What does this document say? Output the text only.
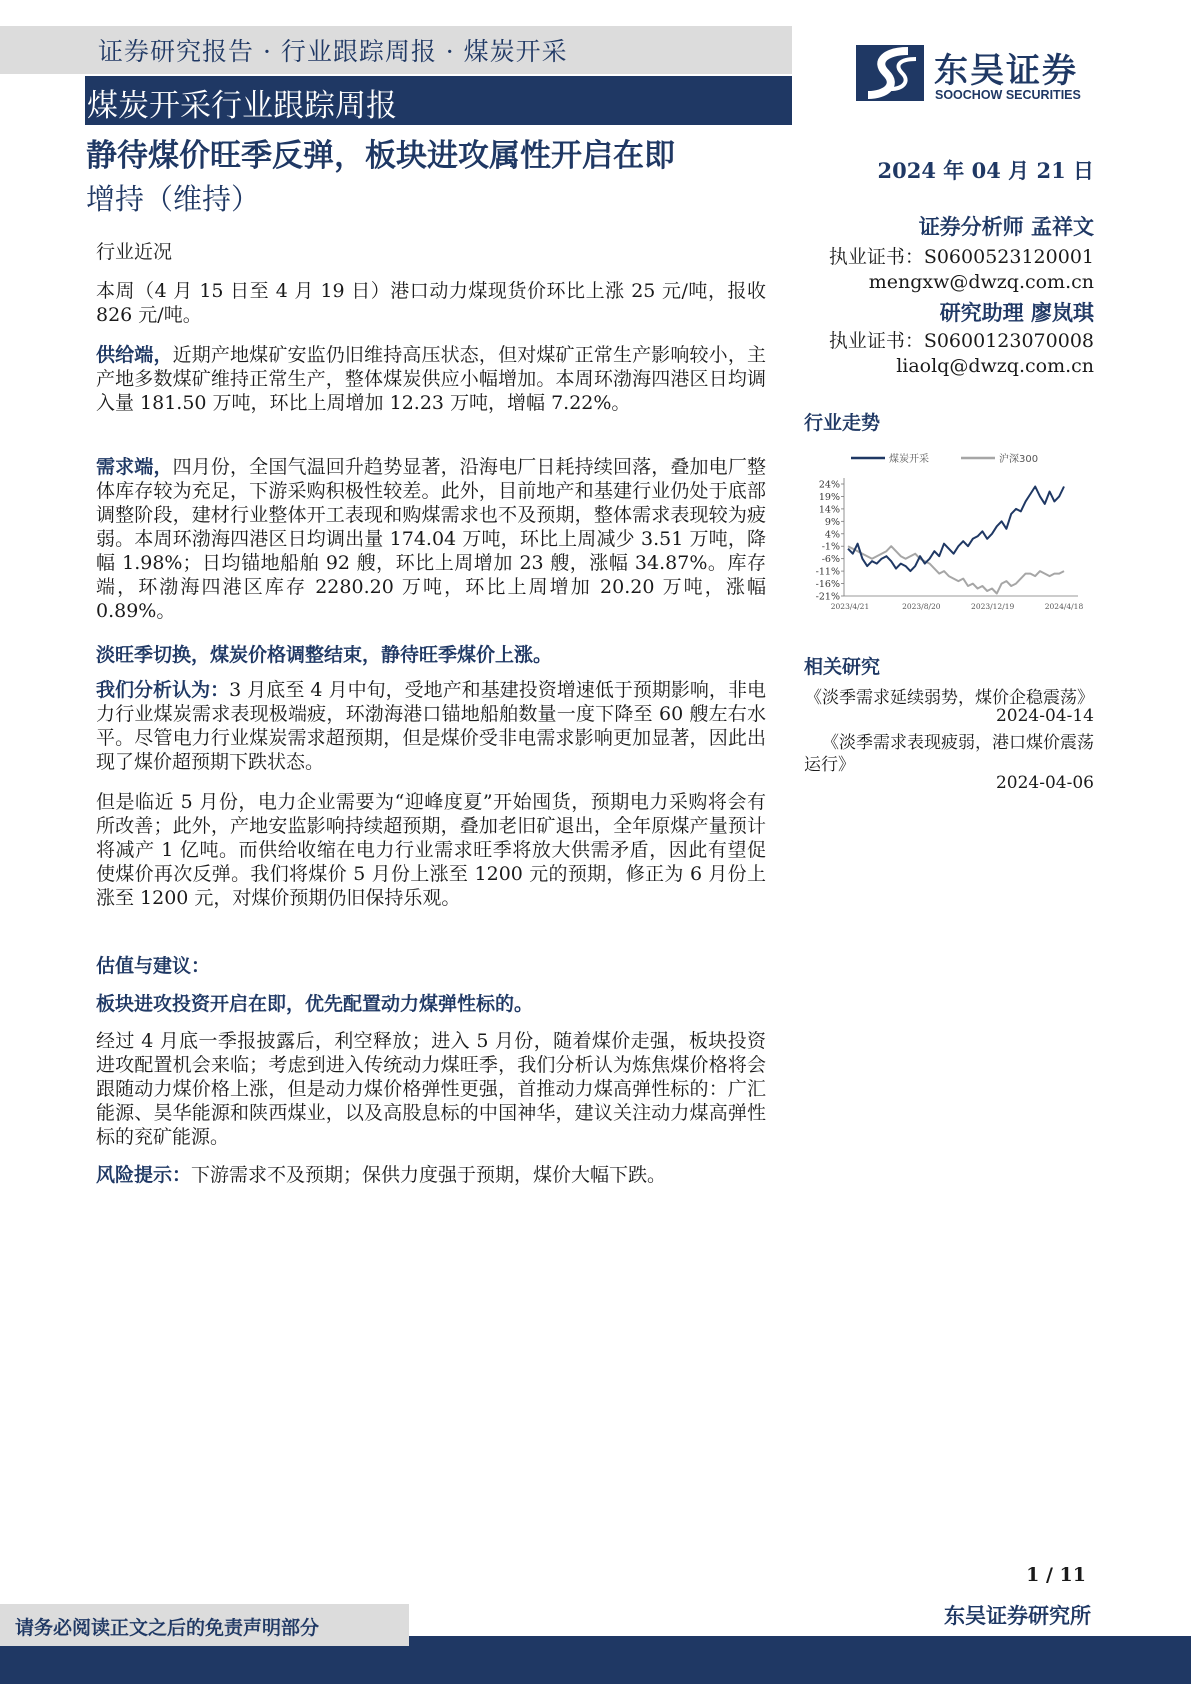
证券研究报告 · 行业跟踪周报 · 煤炭开采
煤炭开采行业跟踪周报
静待煤价旺季反弹，板块进攻属性开启在即
增持（维持）
东吴证券
SOOCHOW SECURITIES
2024 年 04 月 21 日
证券分析师 孟祥文
执业证书：S0600523120001
mengxw@dwzq.com.cn
研究助理 廖岚琪
执业证书：S0600123070008
liaolq@dwzq.com.cn
行业走势
煤炭开采	沪深300
24%
19%
14%
9%
4%
-1%
-6%
-11%
-16%
-21%
2023/4/21	2023/8/20	2023/12/19	2024/4/18
相关研究
《淡季需求延续弱势，煤价企稳震荡》
2024-04-14
《淡季需求表现疲弱，港口煤价震荡
运行》
2024-04-06
行业近况
本周（4 月 15 日至 4 月 19 日）港口动力煤现货价环比上涨 25 元/吨，报收 826 元/吨。
供给端，近期产地煤矿安监仍旧维持高压状态，但对煤矿正常生产影响较小，主产地多数煤矿维持正常生产，整体煤炭供应小幅增加。本周环渤海四港区日均调入量 181.50 万吨，环比上周增加 12.23 万吨，增幅 7.22%。
需求端，四月份，全国气温回升趋势显著，沿海电厂日耗持续回落，叠加电厂整体库存较为充足，下游采购积极性较差。此外，目前地产和基建行业仍处于底部调整阶段，建材行业整体开工表现和购煤需求也不及预期，整体需求表现较为疲弱。本周环渤海四港区日均调出量 174.04 万吨，环比上周减少 3.51 万吨，降幅 1.98%；日均锚地船舶 92 艘，环比上周增加 23 艘，涨幅 34.87%。库存端，环渤海四港区库存 2280.20 万吨，环比上周增加 20.20 万吨，涨幅 0.89%。
淡旺季切换，煤炭价格调整结束，静待旺季煤价上涨。
我们分析认为：3 月底至 4 月中旬，受地产和基建投资增速低于预期影响，非电力行业煤炭需求表现极端疲，环渤海港口锚地船舶数量一度下降至 60 艘左右水平。尽管电力行业煤炭需求超预期，但是煤价受非电需求影响更加显著，因此出现了煤价超预期下跌状态。
但是临近 5 月份，电力企业需要为“迎峰度夏”开始囤货，预期电力采购将会有所改善；此外，产地安监影响持续超预期，叠加老旧矿退出，全年原煤产量预计将减产 1 亿吨。而供给收缩在电力行业需求旺季将放大供需矛盾，因此有望促使煤价再次反弹。我们将煤价 5 月份上涨至 1200 元的预期，修正为 6 月份上涨至 1200 元，对煤价预期仍旧保持乐观。
估值与建议：
板块进攻投资开启在即，优先配置动力煤弹性标的。
经过 4 月底一季报披露后，利空释放；进入 5 月份，随着煤价走强，板块投资进攻配置机会来临；考虑到进入传统动力煤旺季，我们分析认为炼焦煤价格将会跟随动力煤价格上涨，但是动力煤价格弹性更强，首推动力煤高弹性标的：广汇能源、昊华能源和陕西煤业，以及高股息标的中国神华，建议关注动力煤高弹性标的兖矿能源。
风险提示：下游需求不及预期；保供力度强于预期，煤价大幅下跌。
1 / 11
请务必阅读正文之后的免责声明部分	东吴证券研究所
